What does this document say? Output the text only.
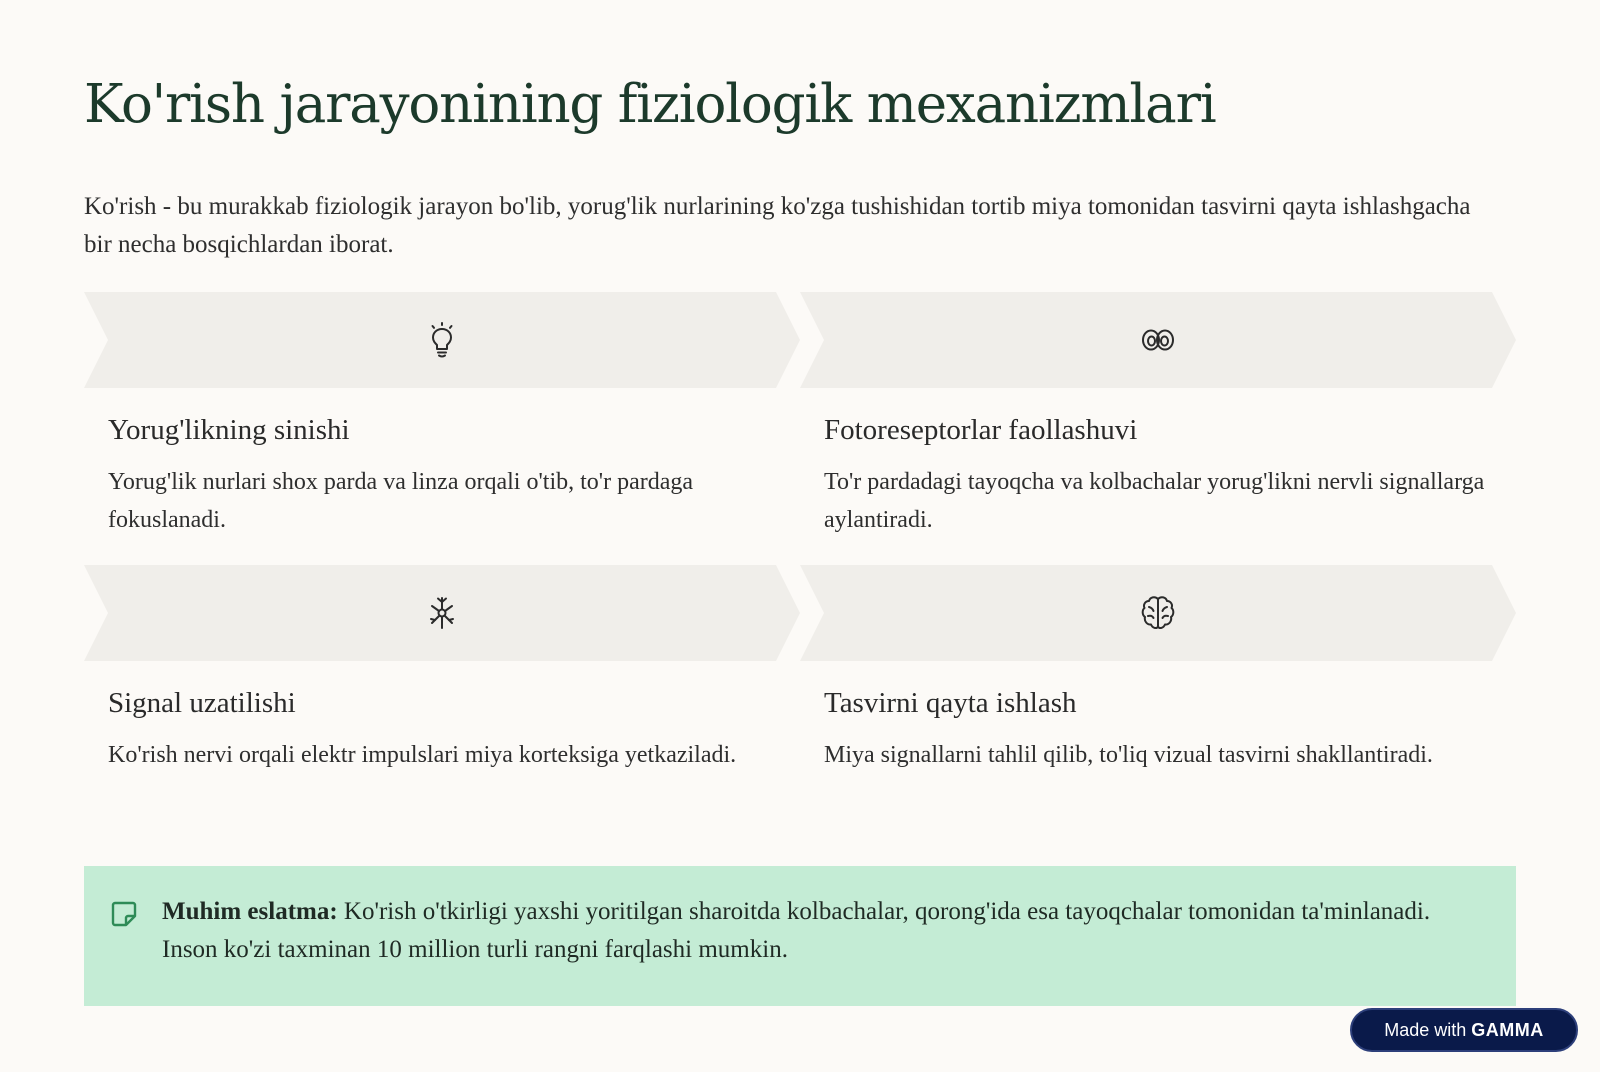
Ko'rish jarayonining fiziologik mexanizmlari

Ko'rish - bu murakkab fiziologik jarayon bo'lib, yorug'lik nurlarining ko'zga tushishidan tortib miya tomonidan tasvirni qayta ishlashgacha bir necha bosqichlardan iborat.

Yorug'likning sinishi

Yorug'lik nurlari shox parda va linza orqali o'tib, to'r pardaga fokuslanadi.

Fotoreseptorlar faollashuvi

To'r pardadagi tayoqcha va kolbachalar yorug'likni nervli signallarga aylantiradi.

Signal uzatilishi

Ko'rish nervi orqali elektr impulslari miya korteksiga yetkaziladi.

Tasvirni qayta ishlash

Miya signallarni tahlil qilib, to'liq vizual tasvirni shakllantiradi.

Muhim eslatma: Ko'rish o'tkirligi yaxshi yoritilgan sharoitda kolbachalar, qorong'ida esa tayoqchalar tomonidan ta'minlanadi. Inson ko'zi taxminan 10 million turli rangni farqlashi mumkin.

Made with GAMMA
